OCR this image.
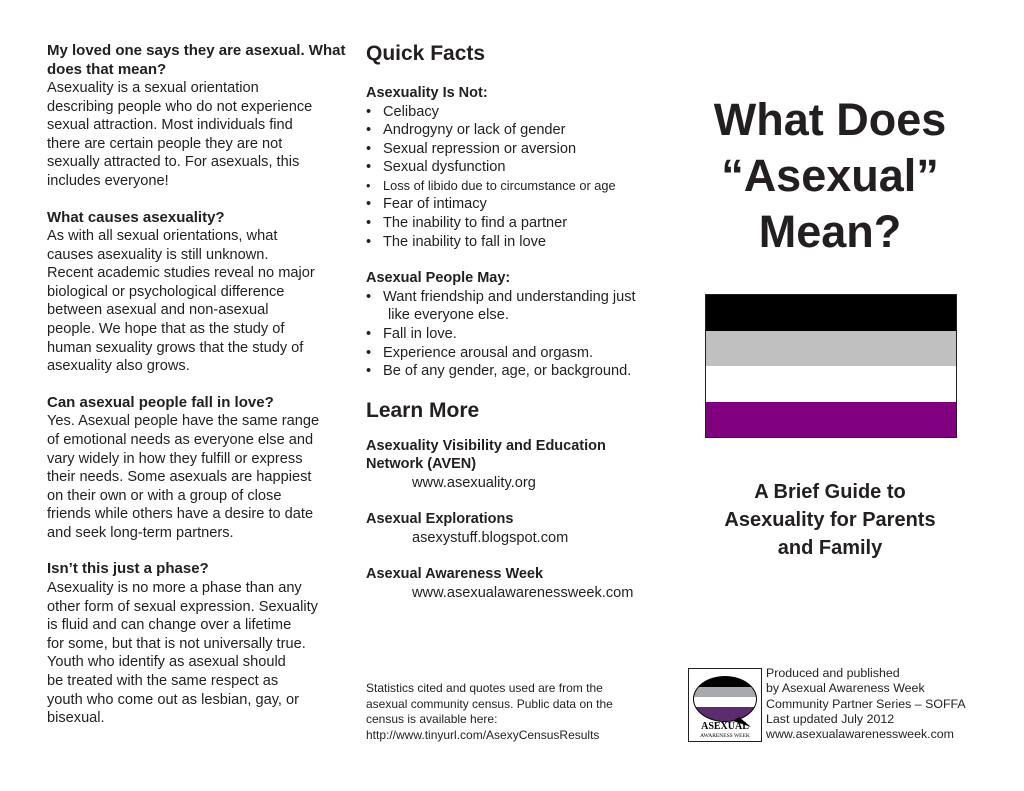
My loved one says they are asexual. What does that mean?

Asexuality is a sexual orientation
describing people who do not experience
sexual attraction. Most individuals find
there are certain people they are not
sexually attracted to. For asexuals, this
includes everyone!

What causes asexuality?

As with all sexual orientations, what
causes asexuality is still unknown.
Recent academic studies reveal no major
biological or psychological difference
between asexual and non-asexual
people. We hope that as the study of
human sexuality grows that the study of
asexuality also grows.

Can asexual people fall in love?

Yes. Asexual people have the same range
of emotional needs as everyone else and
vary widely in how they fulfill or express
their needs. Some asexuals are happiest
on their own or with a group of close
friends while others have a desire to date
and seek long-term partners.

Isn’t this just a phase?

Asexuality is no more a phase than any
other form of sexual expression. Sexuality
is fluid and can change over a lifetime
for some, but that is not universally true.
Youth who identify as asexual should
be treated with the same respect as
youth who come out as lesbian, gay, or
bisexual.

Quick Facts

Asexuality Is Not:

• Celibacy
• Androgyny or lack of gender
• Sexual repression or aversion
• Sexual dysfunction
• Loss of libido due to circumstance or age
• Fear of intimacy
• The inability to find a partner
• The inability to fall in love

Asexual People May:

• Want friendship and understanding just
like everyone else.
• Fall in love.
• Experience arousal and orgasm.
• Be of any gender, age, or background.

Learn More

Asexuality Visibility and Education Network (AVEN)

www.asexuality.org

Asexual Explorations

asexystuff.blogspot.com

Asexual Awareness Week

www.asexualawarenessweek.com

Statistics cited and quotes used are from the
asexual community census. Public data on the
census is available here:
http://www.tinyurl.com/AsexyCensusResults

What Does
“Asexual”
Mean?

A Brief Guide to
Asexuality for Parents
and Family

ASEXUAL
AWARENESS WEEK
Produced and published
by Asexual Awareness Week
Community Partner Series – SOFFA
Last updated July 2012
www.asexualawarenessweek.com
